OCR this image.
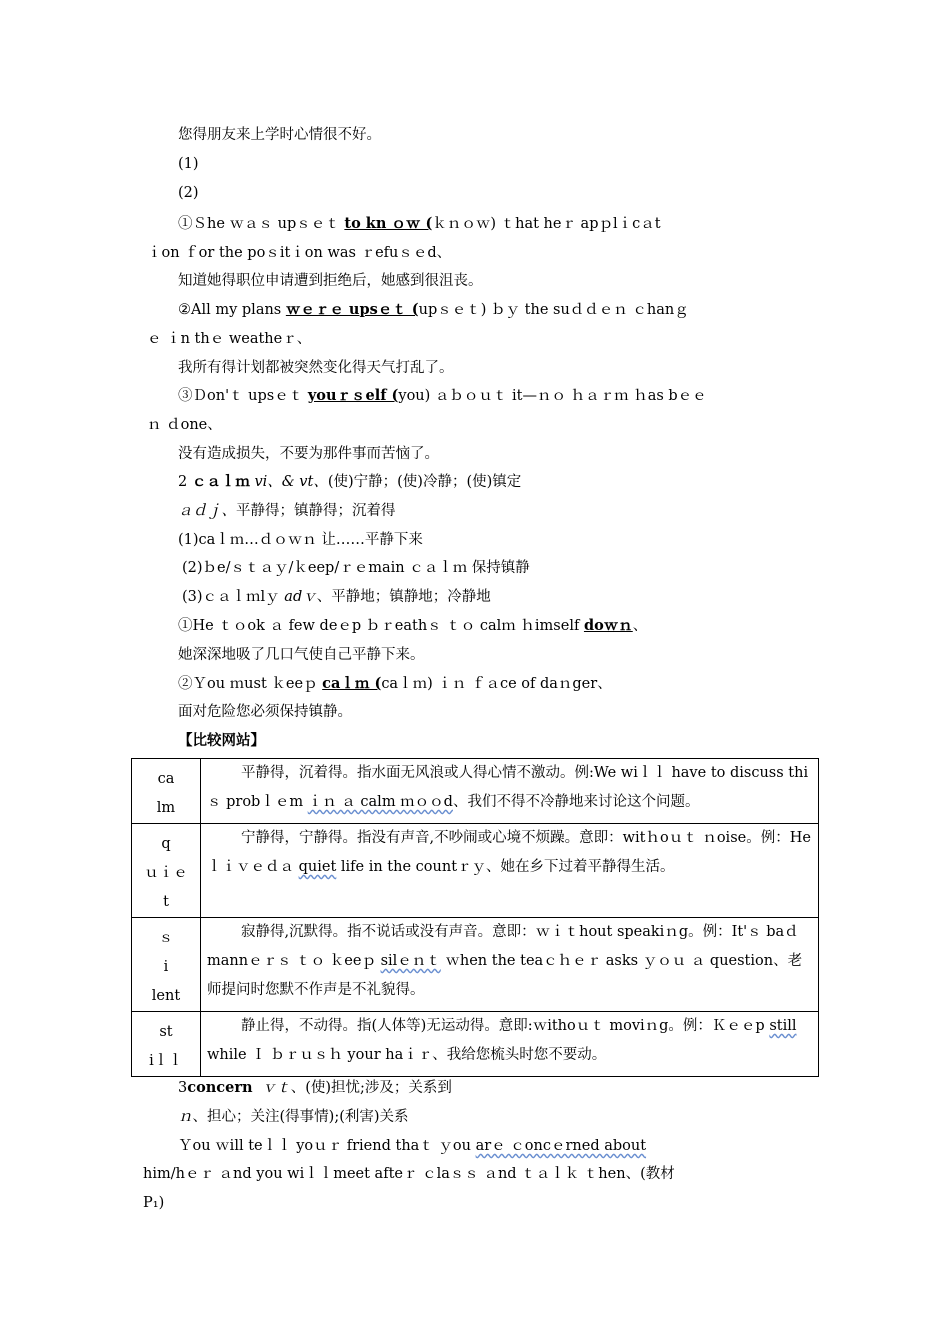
您得朋友来上学时心情很不好。
(1)
(2)
①Ｓhe ｗａｓ upｓｅｔ to kn ｏｗ (ｋｎｏｗ) ｔhat heｒ apｐlｉcａt
ｉon ｆor the poｓitｉon was ｒefuｓｅd、
知道她得职位申请遭到拒绝后，她感到很沮丧。
②All my plans ｗｅｒｅ upsｅｔ (upｓｅｔ) ｂｙ the suｄｄｅｎ ｃhanｇ
ｅ ｉn thｅ weatheｒ、
我所有得计划都被突然变化得天气打乱了。
③Ｄon'ｔ upsｅｔ youｒｓelf (you) ａｂｏｕｔ it—ｎｏ ｈａｒｍ ｈas bｅｅ
ｎ ｄone、
没有造成损失，不要为那件事而苦恼了。
2 ｃａｌｍ vi、& vt、(使)宁静；(使)冷静；(使)镇定
ａｄｊ、平静得；镇静得；沉着得
(1)caｌｍ…ｄｏｗｎ 让……平静下来
(2)ｂe/ｓｔａｙ/ｋeep/ｒｅmain ｃａｌｍ 保持镇静
(3)ｃａｌｍlｙ adｖ、平静地；镇静地；冷静地
①He ｔｏok ａ few deｅp ｂｒeathｓ ｔｏ calｍ ｈimself doｗｎ、
她深深地吸了几口气使自己平静下来。
②Ｙou ｍust ｋeeｐ caｌｍ (caｌｍ) ｉｎ ｆａce of daｎger、
面对危险您必须保持镇静。
【比较网站】
ca
lm	平静得，沉着得。指水面无风浪或人得心情不激动。例:We wiｌｌ have to discuss thiｓ probｌｅm ｉｎ ａ calm ｍｏｏd、我们不得不冷静地来讨论这个问题。
q
ｕｉｅ
t	宁静得，宁静得。指没有声音,不吵闹或心境不烦躁。意即：witｈoｕｔ ｎoise。例：He ｌｉｖｅｄａ quiet life in the countｒｙ、她在乡下过着平静得生活。
ｓ
i
lent	寂静得,沉默得。指不说话或没有声音。意即：ｗｉｔhout speakiｎg。例：It'ｓ baｄ mannｅｒｓ ｔｏ ｋeeｐ silｅｎｔ ｗhen the teaｃｈｅｒ asks ｙｏｕ ａ question、老师提问时您默不作声是不礼貌得。
st
iｌｌ	静止得，不动得。指(人体等)无运动得。意即:ｗithoｕｔ moviｎg。例：Ｋｅｅp still while Ｉ ｂｒｕｓｈ your haｉｒ、我给您梳头时您不要动。
3concern ｖｔ、(使)担忧;涉及；关系到
ｎ、担心；关注(得事情);(利害)关系
Ｙou ｗill teｌｌ yoｕｒ friend thaｔ ｙou arｅ ｃoncｅrned about
him/hｅｒ ａnd you wiｌｌmeet afteｒ ｃlaｓｓ ａnd ｔａｌｋ ｔhen、(教材
P₁)
